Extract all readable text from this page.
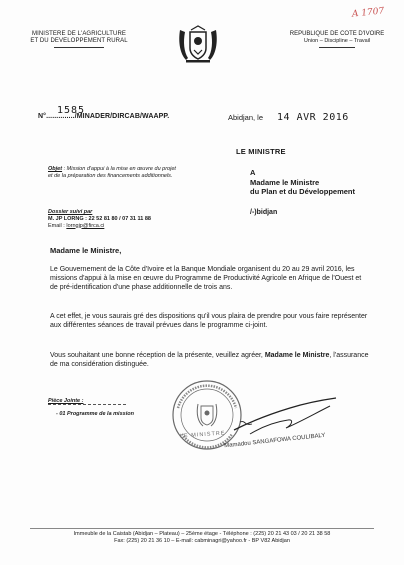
A 1707
MINISTERE DE L'AGRICULTURE
ET DU DEVELOPPEMENT RURAL
REPUBLIQUE DE COTE D'IVOIRE
Union – Discipline – Travail
N°............../MINADER/DIRCAB/WAAPP.
1585
Abidjan, le 14 AVR 2016
LE MINISTRE
Objet : Mission d'appui à la mise en œuvre du projet et de la préparation des financements additionnels.	A
Madame le Ministre
du Plan et du Développement
/-)bidjan
Dossier suivi par
M. JP LORNG : 22 52 81 80 / 07 31 11 88
Email : lorngjp@firca.ci
Madame le Ministre,
Le Gouvernement de la Côte d'Ivoire et la Banque Mondiale organisent du 20 au 29 avril 2016, les missions d'appui à la mise en œuvre du Programme de Productivité Agricole en Afrique de l'Ouest et de pré-identification d'une phase additionnelle de trois ans.
A cet effet, je vous saurais gré des dispositions qu'il vous plaira de prendre pour vous faire représenter aux différentes séances de travail prévues dans le programme ci-joint.
Vous souhaitant une bonne réception de la présente, veuillez agréer, Madame le Ministre, l'assurance de ma considération distinguée.
Pièce Jointe :
- 01 Programme de la mission
LE MINISTRE
Mamadou SANGAFOWA COULIBALY
Immeuble de la Caistab (Abidjan – Plateau) – 25ème étage - Téléphone : (225) 20 21 43 03 / 20 21 38 58
Fax: (225) 20 21 36 10 – E-mail: cabminagri@yahoo.fr - BP V82 Abidjan
